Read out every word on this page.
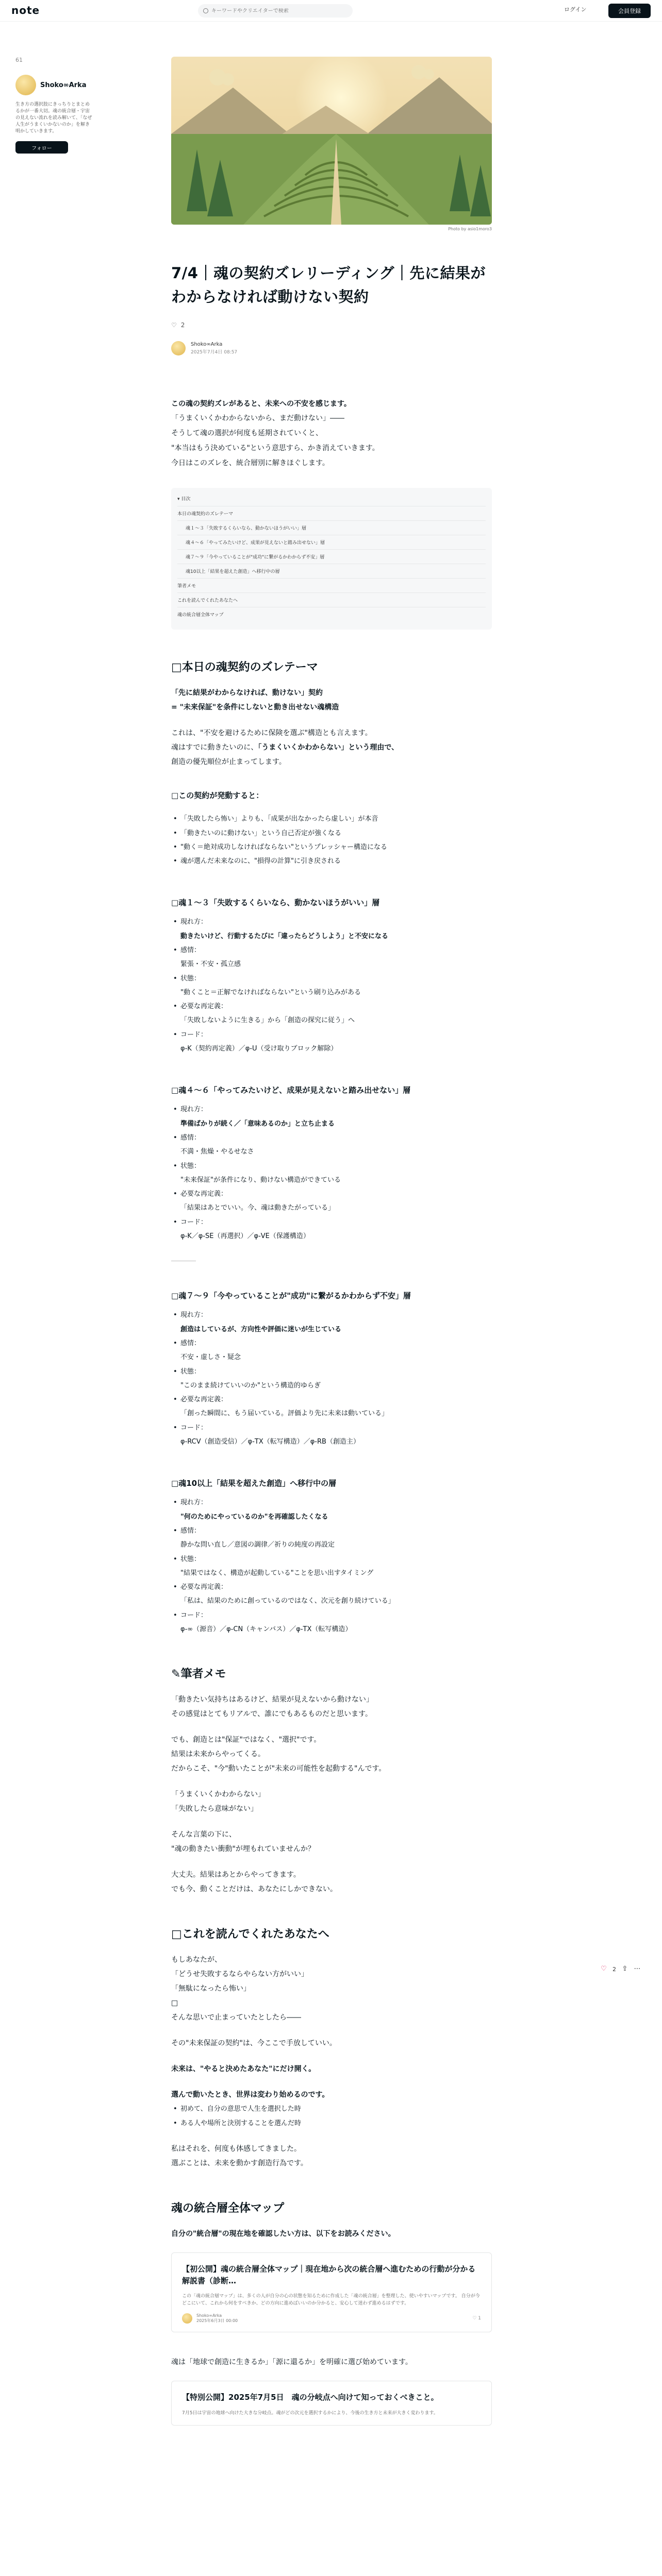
note
キーワードやクリエイターで検索	ログイン	会員登録
61
Shoko∞Arka
生き方の選択肢にきっちりとまとめるかが一番大切。魂の統合層・宇宙の見えない流れを読み解いて、「なぜ人生がうまくいかないのか」を解き明かしていきます。
フォロー
♡ 2 ⇪ ⋯
Photo by asio1moro3
7/4｜魂の契約ズレリーディング｜先に結果がわからなければ動けない契約
♡ 2
Shoko∞Arka
2025年7月4日 08:57

この魂の契約ズレがあると、未来への不安を感じます。

「うまくいくかわからないから、まだ動けない」――

そうして魂の選択が何度も延期されていくと、

"本当はもう決めている"という意思すら、かき消えていきます。

今日はこのズレを、統合層別に解きほぐします。

▾ 目次
本日の魂契約のズレテーマ
魂１〜３「失敗するくらいなら、動かないほうがいい」層
魂４〜６「やってみたいけど、成果が見えないと踏み出せない」層
魂７〜９「今やっていることが"成功"に繋がるかわからず不安」層
魂10以上「結果を超えた創造」へ移行中の層
筆者メモ
これを読んでくれたあなたへ
魂の統合層全体マップ
□本日の魂契約のズレテーマ

「先に結果がわからなければ、動けない」契約

= "未来保証"を条件にしないと動き出せない魂構造

これは、"不安を避けるために保険を選ぶ"構造とも言えます。

魂はすでに動きたいのに、「うまくいくかわからない」という理由で、

創造の優先順位が止まってします。

□この契約が発動すると：
• 「失敗したら怖い」よりも、「成果が出なかったら虚しい」が本音
• 「動きたいのに動けない」という自己否定が強くなる
• "動く＝絶対成功しなければならない"というプレッシャー構造になる
• 魂が選んだ未来なのに、"損得の計算"に引き戻される
□魂１〜３「失敗するくらいなら、動かないほうがいい」層
• 現れ方：
動きたいけど、行動するたびに「違ったらどうしよう」と不安になる
• 感情：
緊張・不安・孤立感
• 状態：
"動くこと＝正解でなければならない"という刷り込みがある
• 必要な再定義：
「失敗しないように生きる」から「創造の探究に従う」へ
• コード：
φ-K（契約再定義）／φ-U（受け取りブロック解除）
□魂４〜６「やってみたいけど、成果が見えないと踏み出せない」層
• 現れ方：
準備ばかりが続く／「意味あるのか」と立ち止まる
• 感情：
不満・焦燥・やるせなさ
• 状態：
"未来保証"が条件になり、動けない構造ができている
• 必要な再定義：
「結果はあとでいい。今、魂は動きたがっている」
• コード：
φ-K／φ-SE（再選択）／φ-VE（保護構造）
□魂７〜９「今やっていることが"成功"に繋がるかわからず不安」層
• 現れ方：
創造はしているが、方向性や評価に迷いが生じている
• 感情：
不安・虚しさ・疑念
• 状態：
"このまま続けていいのか"という構造的ゆらぎ
• 必要な再定義：
「創った瞬間に、もう届いている。評価より先に未来は動いている」
• コード：
φ-RCV（創造受信）／φ-TX（転写構造）／φ-RB（創造主）
□魂10以上「結果を超えた創造」へ移行中の層
• 現れ方：
"何のためにやっているのか"を再確認したくなる
• 感情：
静かな問い直し／意図の調律／祈りの純度の再設定
• 状態：
"結果ではなく、構造が起動している"ことを思い出すタイミング
• 必要な再定義：
「私は、結果のために創っているのではなく、次元を創り続けている」
• コード：
φ-∞（源音）／φ-CN（キャンバス）／φ-TX（転写構造）
✎筆者メモ

「動きたい気持ちはあるけど、結果が見えないから動けない」

その感覚はとてもリアルで、誰にでもあるものだと思います。

でも、創造とは"保証"ではなく、"選択"です。

結果は未来からやってくる。

だからこそ、"今"動いたことが"未来の可能性を起動する"んです。

「うまくいくかわからない」

「失敗したら意味がない」

そんな言葉の下に、

"魂の動きたい衝動"が埋もれていませんか？

大丈夫。結果はあとからやってきます。

でも今、動くことだけは、あなたにしかできない。

□これを読んでくれたあなたへ

もしあなたが、

「どうせ失敗するならやらない方がいい」

「無駄になったら怖い」

□

そんな思いで止まっていたとしたら――

その"未来保証の契約"は、今ここで手放していい。

未来は、"やると決めたあなた"にだけ開く。

選んで動いたとき、世界は変わり始めるのです。

• 初めて、自分の意思で人生を選択した時
• ある人や場所と決別することを選んだ時

私はそれを、何度も体感してきました。

選ぶことは、未来を動かす創造行為です。

魂の統合層全体マップ

自分の"統合層"の現在地を確認したい方は、以下をお読みください。

【初公開】魂の統合層全体マップ｜現在地から次の統合層へ進むための行動が分かる解説書（診断…
この「魂の統合層マップ」は、多くの人が自分の心の状態を知るために作成した「魂の統合層」を整理した、使いやすいマップです。 自分が今どこにいて、これから何をすべきか、どの方向に進めばいいのか分かると、安心して迷わず進めるはずです。
Shoko∞Arka
2025年6月3日 00:00	♡ 1

魂は「地球で創造に生きるか」「源に還るか」を明確に選び始めています。

【特別公開】2025年7月5日　魂の分岐点へ向けて知っておくべきこと。
7月5日は宇宙の地球へ向けた大きな分岐点。魂がどの次元を選択するかにより、今後の生き方と未来が大きく変わります。
